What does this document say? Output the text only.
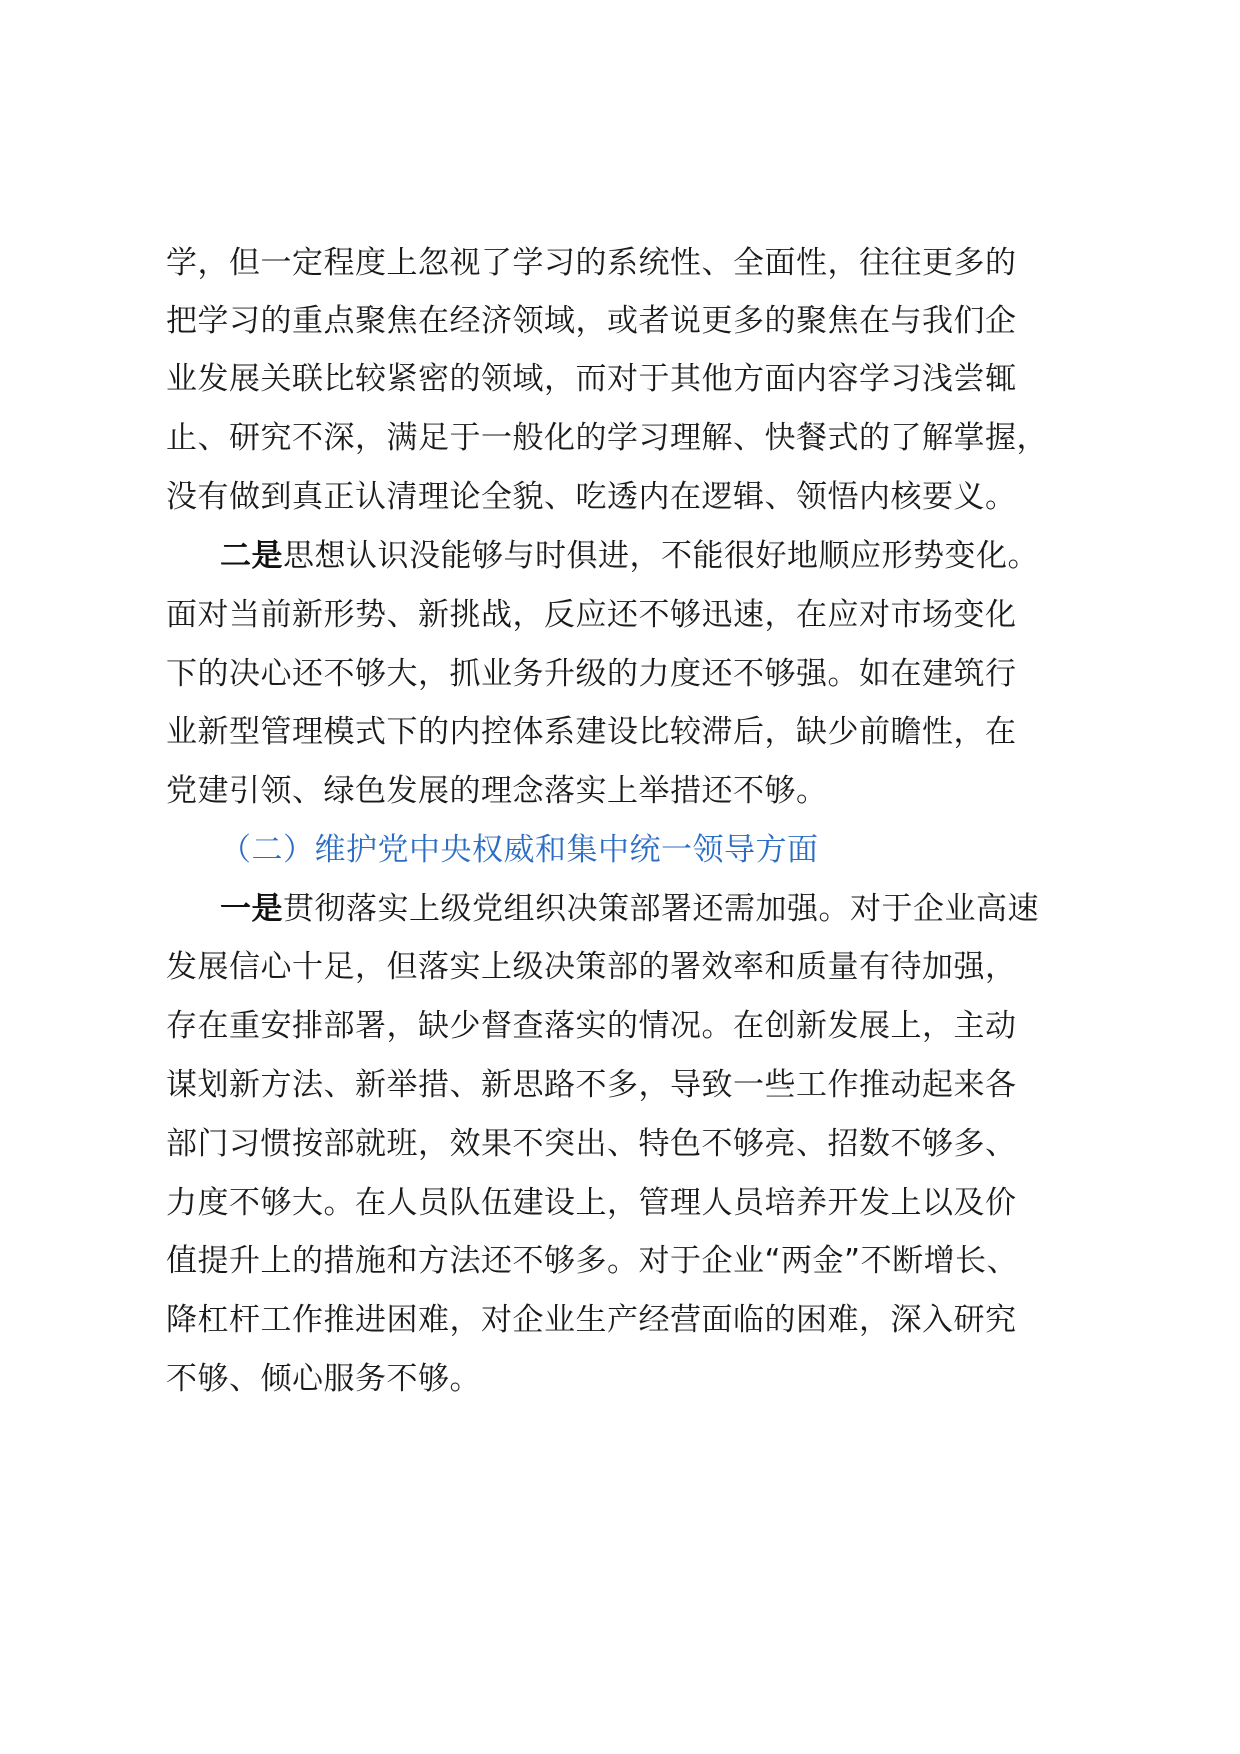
学，但一定程度上忽视了学习的系统性、全面性，往往更多的
把学习的重点聚焦在经济领域，或者说更多的聚焦在与我们企
业发展关联比较紧密的领域，而对于其他方面内容学习浅尝辄
止、研究不深，满足于一般化的学习理解、快餐式的了解掌握，
没有做到真正认清理论全貌、吃透内在逻辑、领悟内核要义。
二是思想认识没能够与时俱进，不能很好地顺应形势变化。
面对当前新形势、新挑战，反应还不够迅速，在应对市场变化
下的决心还不够大，抓业务升级的力度还不够强。如在建筑行
业新型管理模式下的内控体系建设比较滞后，缺少前瞻性，在
党建引领、绿色发展的理念落实上举措还不够。
（二）维护党中央权威和集中统一领导方面
一是贯彻落实上级党组织决策部署还需加强。对于企业高速
发展信心十足，但落实上级决策部的署效率和质量有待加强，
存在重安排部署，缺少督查落实的情况。在创新发展上，主动
谋划新方法、新举措、新思路不多，导致一些工作推动起来各
部门习惯按部就班，效果不突出、特色不够亮、招数不够多、
力度不够大。在人员队伍建设上，管理人员培养开发上以及价
值提升上的措施和方法还不够多。对于企业“两金”不断增长、
降杠杆工作推进困难，对企业生产经营面临的困难，深入研究
不够、倾心服务不够。
